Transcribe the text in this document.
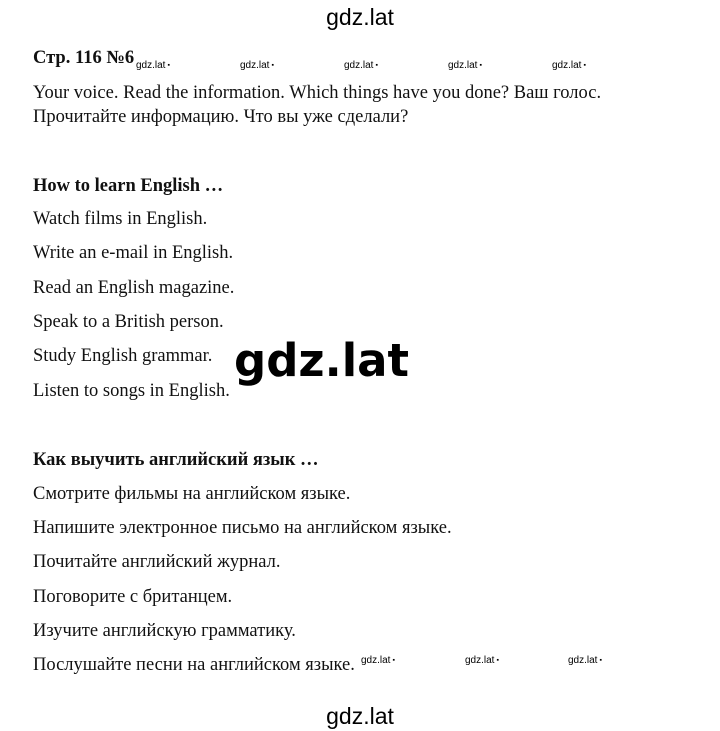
gdz.lat
Стр. 116 №6 gdz.lat ▪	gdz.lat ▪	gdz.lat ▪	gdz.lat ▪	gdz.lat ▪
Your voice. Read the information. Which things have you done? Ваш голос.
Прочитайте информацию. Что вы уже сделали?
How to learn English …
Watch films in English.
Write an e-mail in English.
Read an English magazine.
Speak to a British person.
Study English grammar.
Listen to songs in English.
gdz.lat
Как выучить английский язык …
Смотрите фильмы на английском языке.
Напишите электронное письмо на английском языке.
Почитайте английский журнал.
Поговорите с британцем.
Изучите английскую грамматику.
Послушайте песни на английском языке. gdz.lat ▪	gdz.lat ▪	gdz.lat ▪
gdz.lat
